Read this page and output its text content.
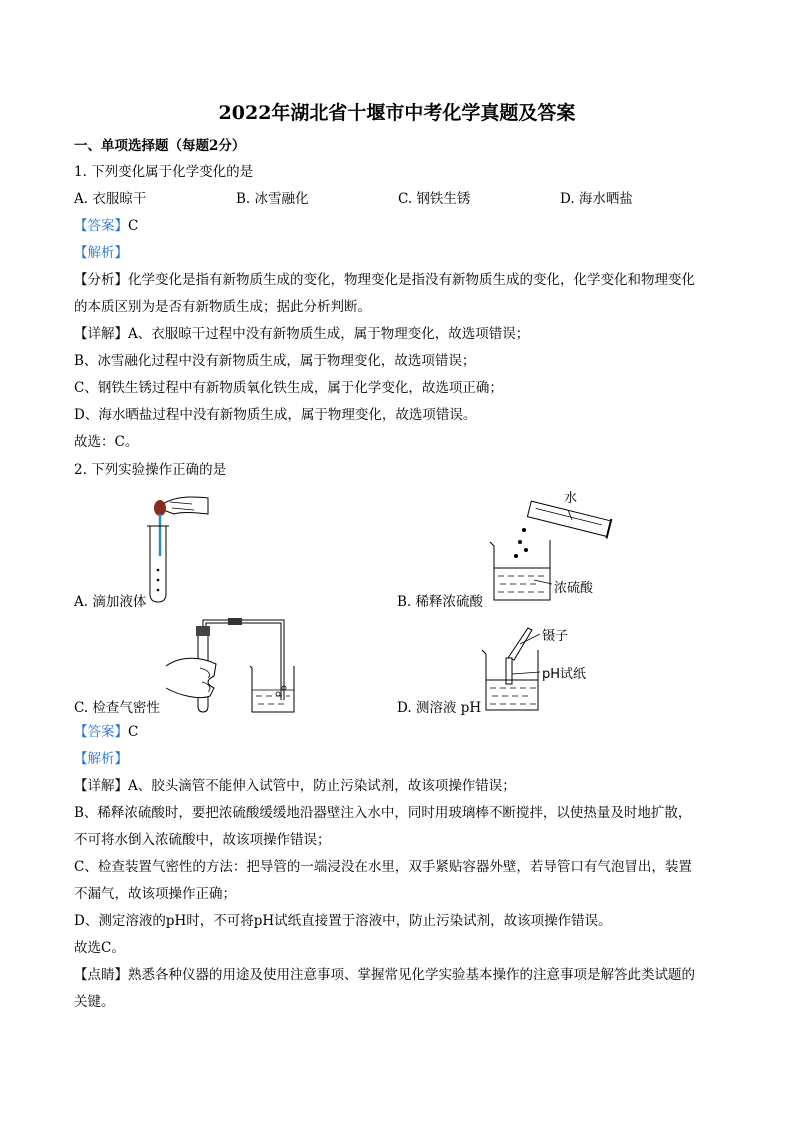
2022年湖北省十堰市中考化学真题及答案
一、单项选择题（每题2分）
1. 下列变化属于化学变化的是
A. 衣服晾干	B. 冰雪融化	C. 钢铁生锈	D. 海水晒盐
【答案】C
【解析】
【分析】化学变化是指有新物质生成的变化，物理变化是指没有新物质生成的变化，化学变化和物理变化
的本质区别为是否有新物质生成；据此分析判断。
【详解】A、衣服晾干过程中没有新物质生成，属于物理变化，故选项错误；
B、冰雪融化过程中没有新物质生成，属于物理变化，故选项错误；
C、钢铁生锈过程中有新物质氧化铁生成，属于化学变化，故选项正确；
D、海水晒盐过程中没有新物质生成，属于物理变化，故选项错误。
故选：C。
2. 下列实验操作正确的是
A. 滴加液体
水
浓硫酸
B. 稀释浓硫酸
C. 检查气密性
镊子
pH试纸
D. 测溶液 pH
【答案】C
【解析】
【详解】A、胶头滴管不能伸入试管中，防止污染试剂，故该项操作错误；
B、稀释浓硫酸时，要把浓硫酸缓缓地沿器壁注入水中，同时用玻璃棒不断搅拌，以使热量及时地扩散，
不可将水倒入浓硫酸中，故该项操作错误；
C、检查装置气密性的方法：把导管的一端浸没在水里，双手紧贴容器外壁，若导管口有气泡冒出，装置
不漏气，故该项操作正确；
D、测定溶液的pH时，不可将pH试纸直接置于溶液中，防止污染试剂，故该项操作错误。
故选C。
【点睛】熟悉各种仪器的用途及使用注意事项、掌握常见化学实验基本操作的注意事项是解答此类试题的
关键。
